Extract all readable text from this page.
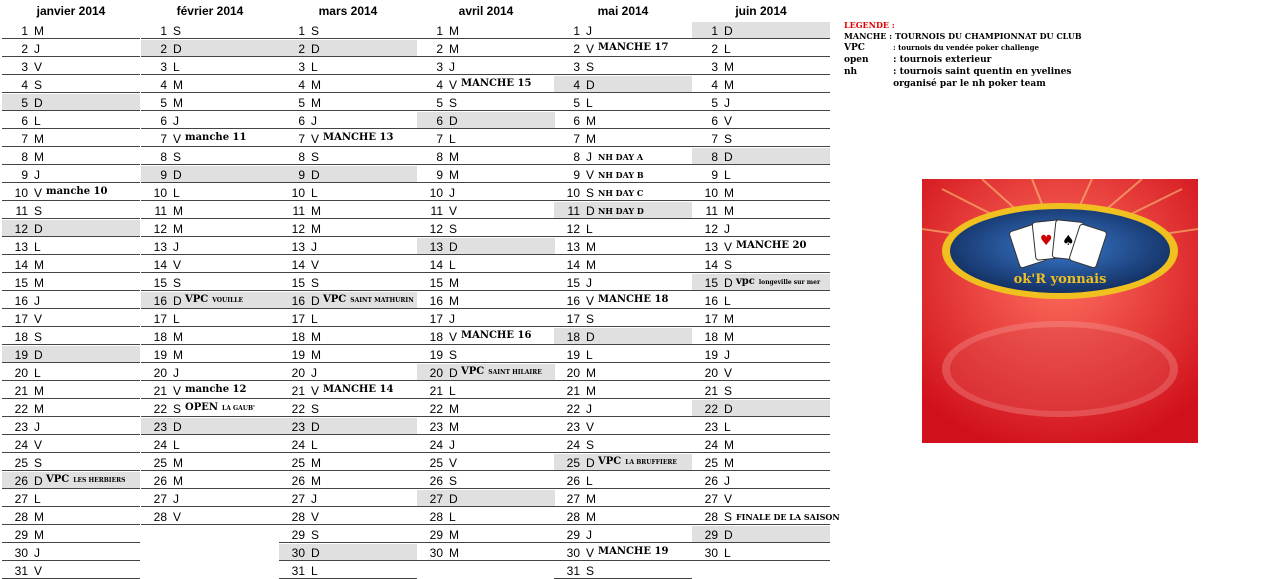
janvier 2014
1 M
2 J
3 V
4 S
5 D
6 L
7 M
8 M
9 J
10 V manche 10
11 S
12 D
13 L
14 M
15 M
16 J
17 V
18 S
19 D
20 L
21 M
22 M
23 J
24 V
25 S
26 D VPC LES HERBIERS
27 L
28 M
29 M
30 J
31 V
février 2014
1 S
2 D
3 L
4 M
5 M
6 J
7 V manche 11
8 S
9 D
10 L
11 M
12 M
13 J
14 V
15 S
16 D VPC VOUILLE
17 L
18 M
19 M
20 J
21 V manche 12
22 S OPEN LA GAUB'
23 D
24 L
25 M
26 M
27 J
28 V
mars 2014
1 S
2 D
3 L
4 M
5 M
6 J
7 V MANCHE 13
8 S
9 D
10 L
11 M
12 M
13 J
14 V
15 S
16 D VPC SAINT MATHURIN
17 L
18 M
19 M
20 J
21 V MANCHE 14
22 S
23 D
24 L
25 M
26 M
27 J
28 V
29 S
30 D
31 L
avril 2014
1 M
2 M
3 J
4 V MANCHE 15
5 S
6 D
7 L
8 M
9 M
10 J
11 V
12 S
13 D
14 L
15 M
16 M
17 J
18 V MANCHE 16
19 S
20 D VPC SAINT HILAIRE
21 L
22 M
23 M
24 J
25 V
26 S
27 D
28 L
29 M
30 M
mai 2014
1 J
2 V MANCHE 17
3 S
4 D
5 L
6 M
7 M
8 J NH DAY A
9 V NH DAY B
10 S NH DAY C
11 D NH DAY D
12 L
13 M
14 M
15 J
16 V MANCHE 18
17 S
18 D
19 L
20 M
21 M
22 J
23 V
24 S
25 D VPC LA BRUFFIERE
26 L
27 M
28 M
29 J
30 V MANCHE 19
31 S
juin 2014
1 D
2 L
3 M
4 M
5 J
6 V
7 S
8 D
9 L
10 M
11 M
12 J
13 V MANCHE 20
14 S
15 D vpc longeville sur mer
16 L
17 M
18 M
19 J
20 V
21 S
22 D
23 L
24 M
25 M
26 J
27 V
28 S FINALE DE LA SAISON
29 D
30 L
LEGENDE :
MANCHE : TOURNOIS DU CHAMPIONNAT DU CLUB
VPC	: tournois du vendée poker challenge
open	: tournois exterieur
nh	: tournois saint quentin en yvelines
organisé par le nh poker team
♥ ♠
ok'R yonnais
